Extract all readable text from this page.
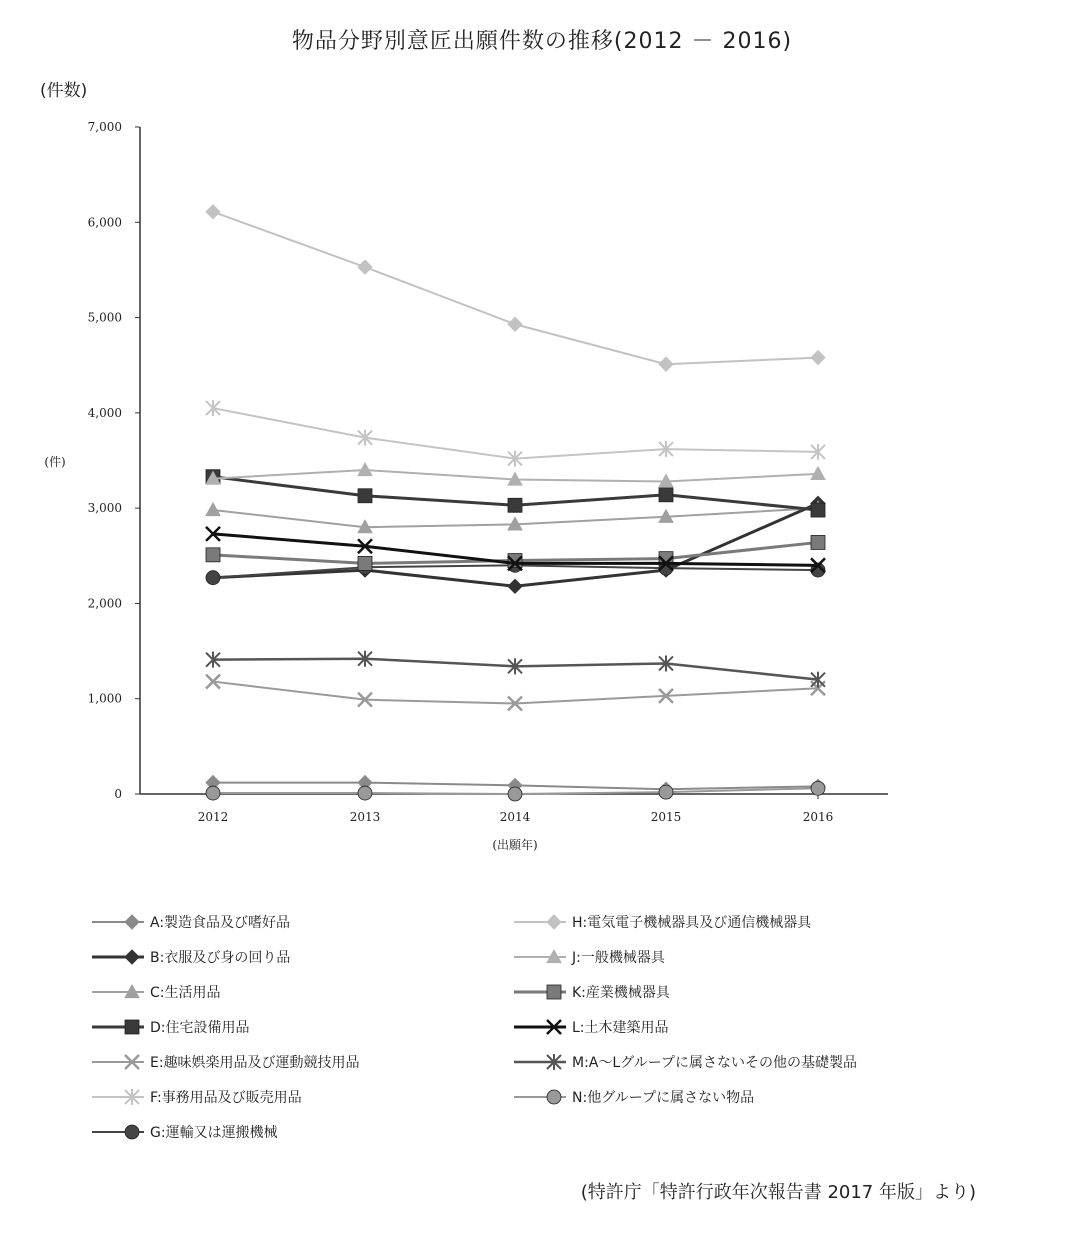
物品分野別意匠出願件数の推移(2012 － 2016)
(件数)
0
1,000
2,000
3,000
4,000
5,000
6,000
7,000
(件)
2012	2013	2014	2015	2016
(出願年)
A:製造食品及び嗜好品
B:衣服及び身の回り品
C:生活用品
D:住宅設備用品
E:趣味娯楽用品及び運動競技用品
F:事務用品及び販売用品
G:運輸又は運搬機械
H:電気電子機械器具及び通信機械器具
J:一般機械器具
K:産業機械器具
L:土木建築用品
M:A～Lグループに属さないその他の基礎製品
N:他グループに属さない物品
(特許庁「特許行政年次報告書 2017 年版」より)
